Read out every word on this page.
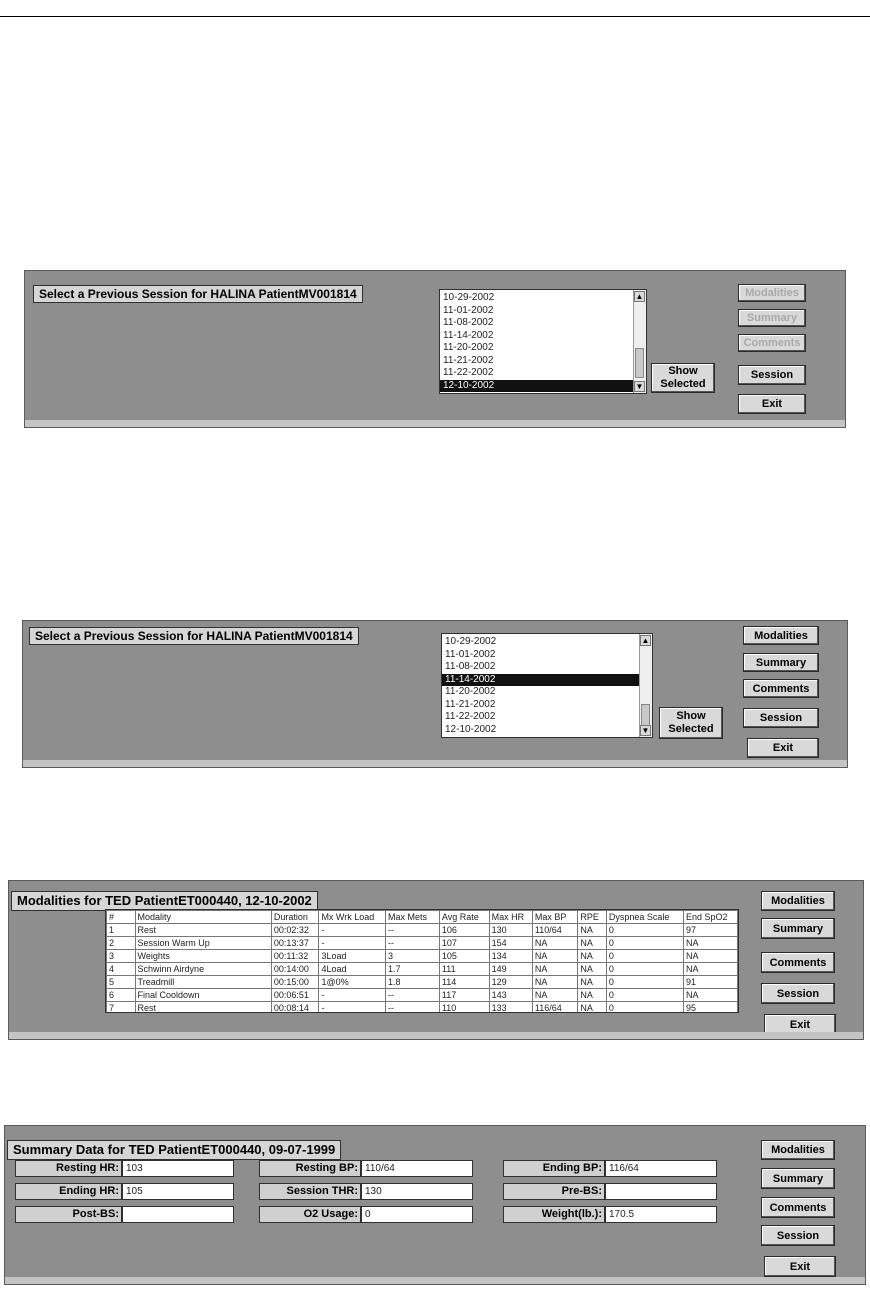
Select a Previous Session for HALINA PatientMV001814	10-29-2002
11-01-2002
11-08-2002
11-14-2002
11-20-2002
11-21-2002
11-22-2002
12-10-2002
▲
▼
Show Selected
Modalities
Summary
Comments
Session
Exit
Select a Previous Session for HALINA PatientMV001814	10-29-2002
11-01-2002
11-08-2002
11-14-2002
11-20-2002
11-21-2002
11-22-2002
12-10-2002
▲
▼
Show Selected
Modalities
Summary
Comments
Session
Exit
Modalities for TED PatientET000440, 12-10-2002
#	Modality	Duration	Mx Wrk Load	Max Mets	Avg Rate	Max HR	Max BP	RPE	Dyspnea Scale	End SpO2
1	Rest	00:02:32	-	--	106	130	110/64	NA	0	97
2	Session Warm Up	00:13:37	-	--	107	154	NA	NA	0	NA
3	Weights	00:11:32	3Load	3	105	134	NA	NA	0	NA
4	Schwinn Airdyne	00:14:00	4Load	1.7	111	149	NA	NA	0	NA
5	Treadmill	00:15:00	1@0%	1.8	114	129	NA	NA	0	91
6	Final Cooldown	00:06:51	-	--	117	143	NA	NA	0	NA
7	Rest	00:08:14	-	--	110	133	116/64	NA	0	95
Modalities
Summary
Comments
Session
Exit
Summary Data for TED PatientET000440, 09-07-1999
Resting HR: 103
Ending HR: 105
Post-BS:
Resting BP: 110/64
Session THR: 130
O2 Usage: 0
Ending BP: 116/64
Pre-BS:
Weight(lb.): 170.5
Modalities
Summary
Comments
Session
Exit
